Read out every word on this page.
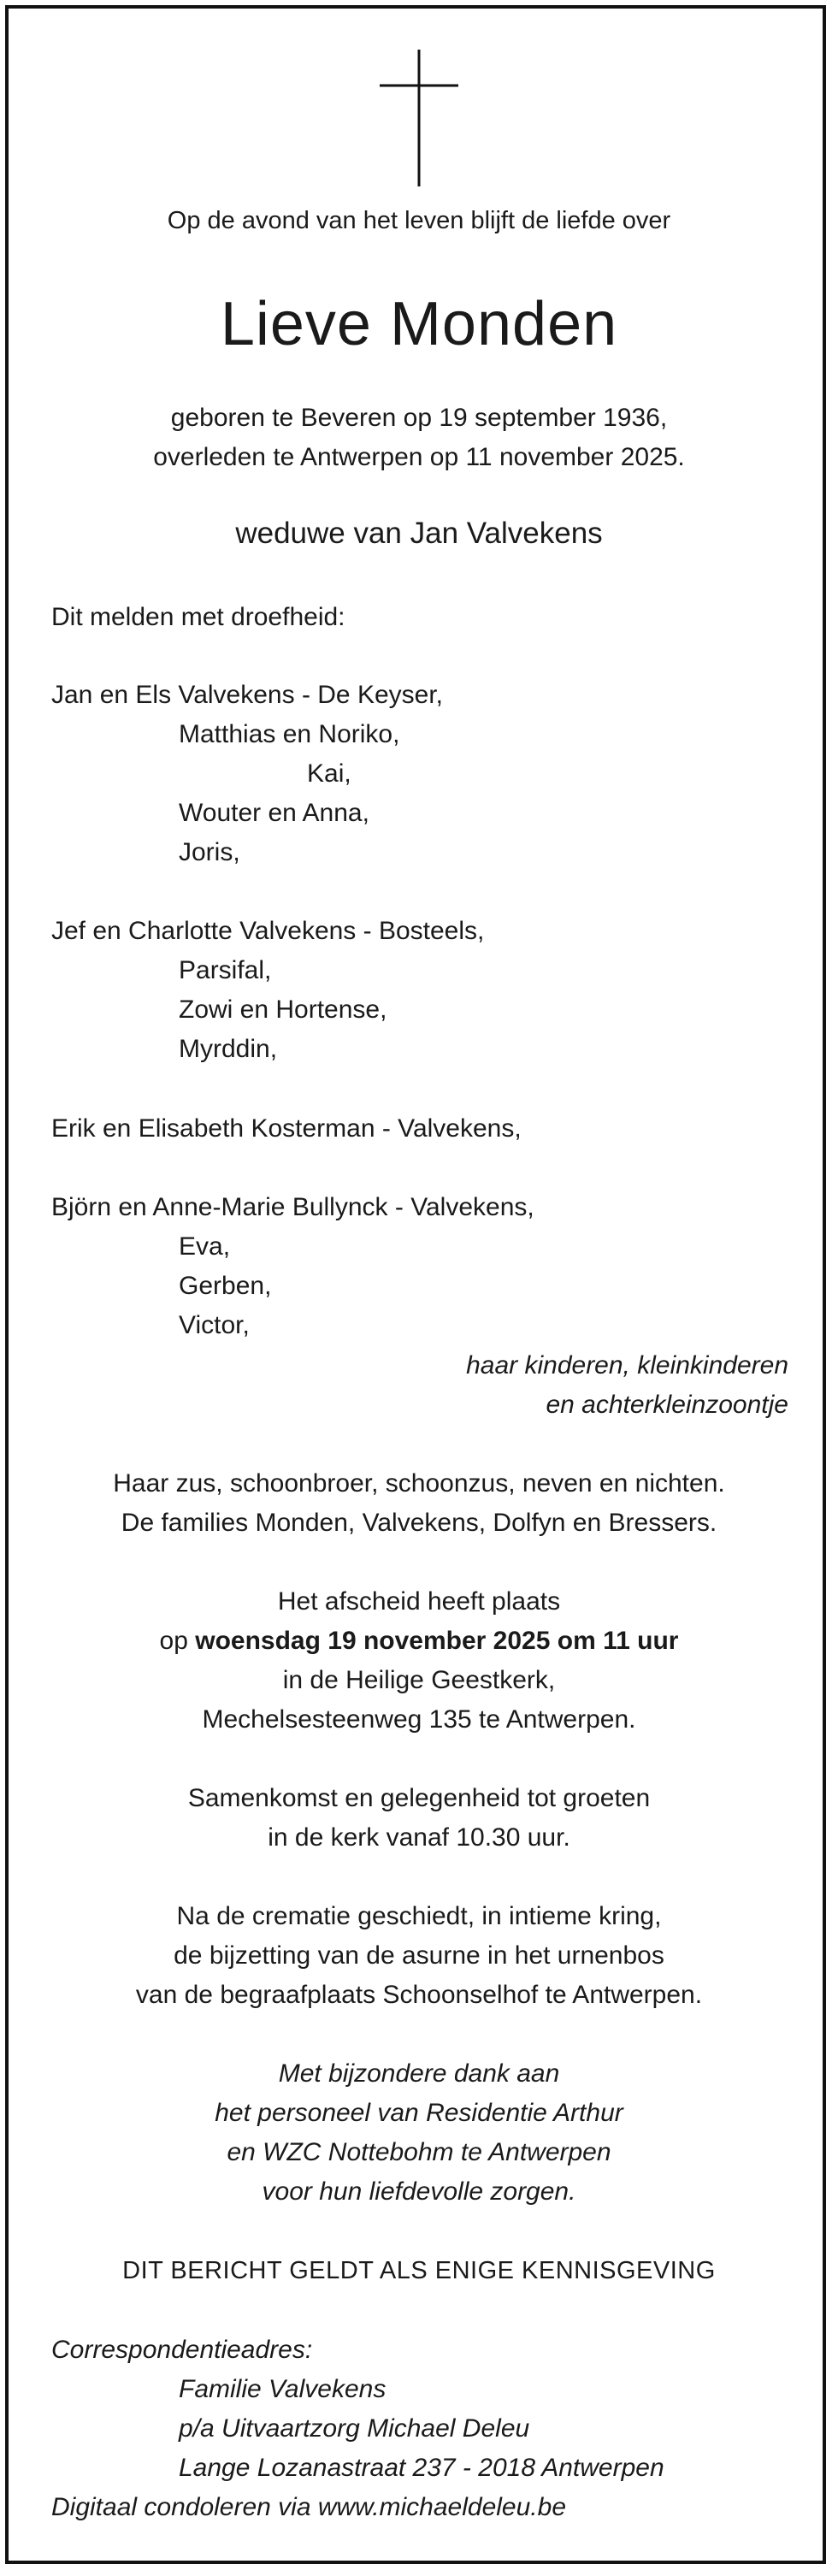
Op de avond van het leven blijft de liefde over
Lieve Monden
geboren te Beveren op 19 september 1936,
overleden te Antwerpen op 11 november 2025.
weduwe van Jan Valvekens
Dit melden met droefheid:
Jan en Els Valvekens - De Keyser,
Matthias en Noriko,
Kai,
Wouter en Anna,
Joris,
Jef en Charlotte Valvekens - Bosteels,
Parsifal,
Zowi en Hortense,
Myrddin,
Erik en Elisabeth Kosterman - Valvekens,
Björn en Anne-Marie Bullynck - Valvekens,
Eva,
Gerben,
Victor,
haar kinderen, kleinkinderen
en achterkleinzoontje
Haar zus, schoonbroer, schoonzus, neven en nichten.
De families Monden, Valvekens, Dolfyn en Bressers.
Het afscheid heeft plaats
op woensdag 19 november 2025 om 11 uur
in de Heilige Geestkerk,
Mechelsesteenweg 135 te Antwerpen.
Samenkomst en gelegenheid tot groeten
in de kerk vanaf 10.30 uur.
Na de crematie geschiedt, in intieme kring,
de bijzetting van de asurne in het urnenbos
van de begraafplaats Schoonselhof te Antwerpen.
Met bijzondere dank aan
het personeel van Residentie Arthur
en WZC Nottebohm te Antwerpen
voor hun liefdevolle zorgen.
DIT BERICHT GELDT ALS ENIGE KENNISGEVING
Correspondentieadres:
Familie Valvekens
p/a Uitvaartzorg Michael Deleu
Lange Lozanastraat 237 - 2018 Antwerpen
Digitaal condoleren via www.michaeldeleu.be
